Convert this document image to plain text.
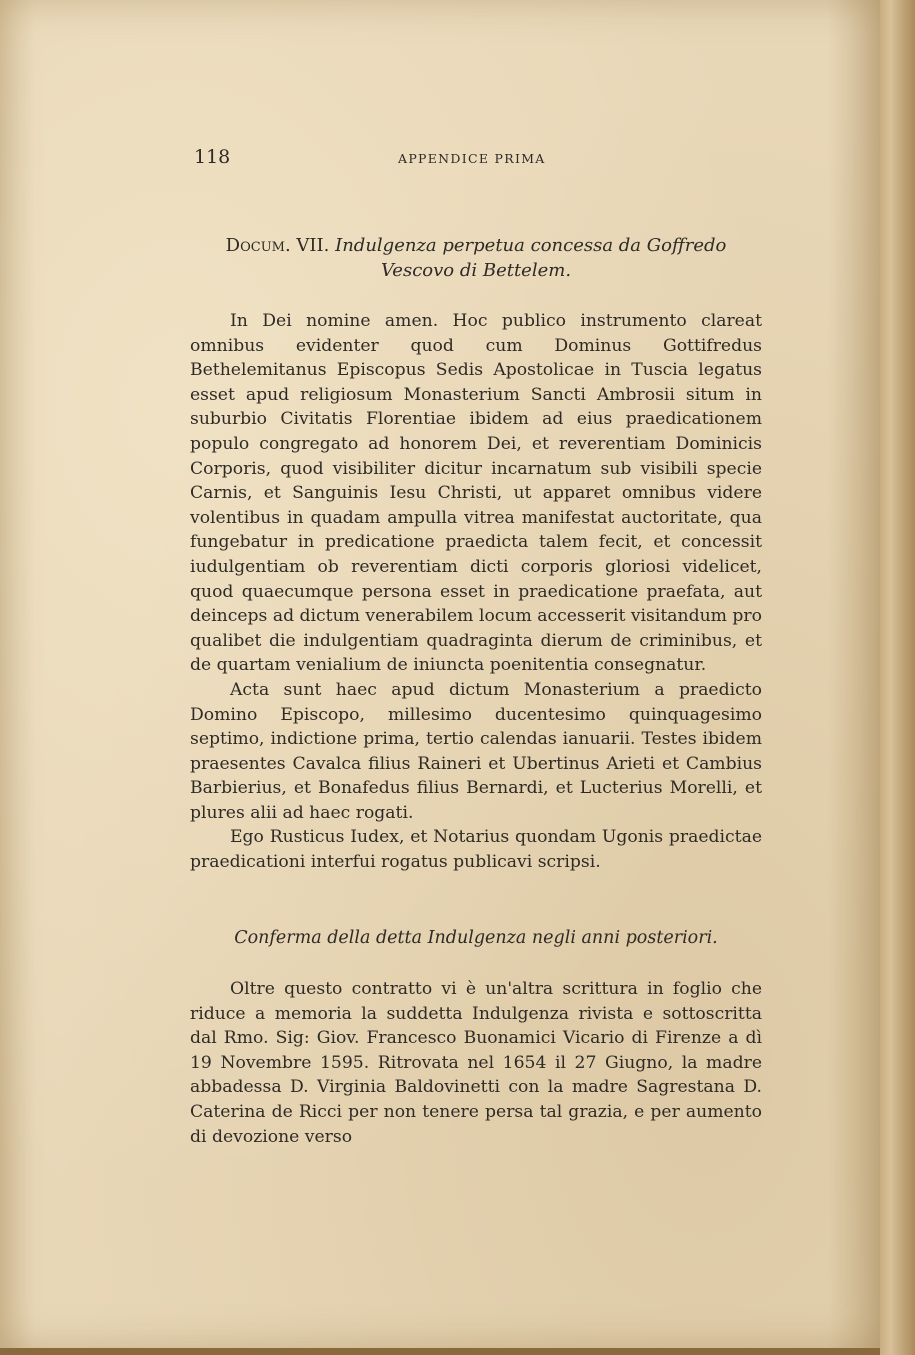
118	APPENDICE PRIMA
Docum. VII. Indulgenza perpetua concessa da Goffredo Vescovo di Bettelem.

In Dei nomine amen. Hoc publico instrumento clareat omnibus evidenter quod cum Dominus Gottifredus Bethelemitanus Episcopus Sedis Apostolicae in Tuscia legatus esset apud religiosum Monasterium Sancti Ambrosii situm in suburbio Civitatis Florentiae ibidem ad eius praedicationem populo congregato ad honorem Dei, et reverentiam Dominicis Corporis, quod visibiliter dicitur incarnatum sub visibili specie Carnis, et Sanguinis Iesu Christi, ut apparet omnibus videre volentibus in quadam ampulla vitrea manifestat auctoritate, qua fungebatur in predicatione praedicta talem fecit, et concessit iudulgentiam ob reverentiam dicti corporis gloriosi videlicet, quod quaecumque persona esset in praedicatione praefata, aut deinceps ad dictum venerabilem locum accesserit visitandum pro qualibet die indulgentiam quadraginta dierum de criminibus, et de quartam venialium de iniuncta poenitentia consegnatur.

Acta sunt haec apud dictum Monasterium a praedicto Domino Episcopo, millesimo ducentesimo quinquagesimo septimo, indictione prima, tertio calendas ianuarii. Testes ibidem praesentes Cavalca filius Raineri et Ubertinus Arieti et Cambius Barbierius, et Bonafedus filius Bernardi, et Lucterius Morelli, et plures alii ad haec rogati.

Ego Rusticus Iudex, et Notarius quondam Ugonis praedictae praedicationi interfui rogatus publicavi scripsi.

Conferma della detta Indulgenza negli anni posteriori.

Oltre questo contratto vi è un'altra scrittura in foglio che riduce a memoria la suddetta Indulgenza rivista e sottoscritta dal Rmo. Sig: Giov. Francesco Buonamici Vicario di Firenze a dì 19 Novembre 1595. Ritrovata nel 1654 il 27 Giugno, la madre abbadessa D. Virginia Baldovinetti con la madre Sagrestana D. Caterina de Ricci per non tenere persa tal grazia, e per aumento di devozione verso
